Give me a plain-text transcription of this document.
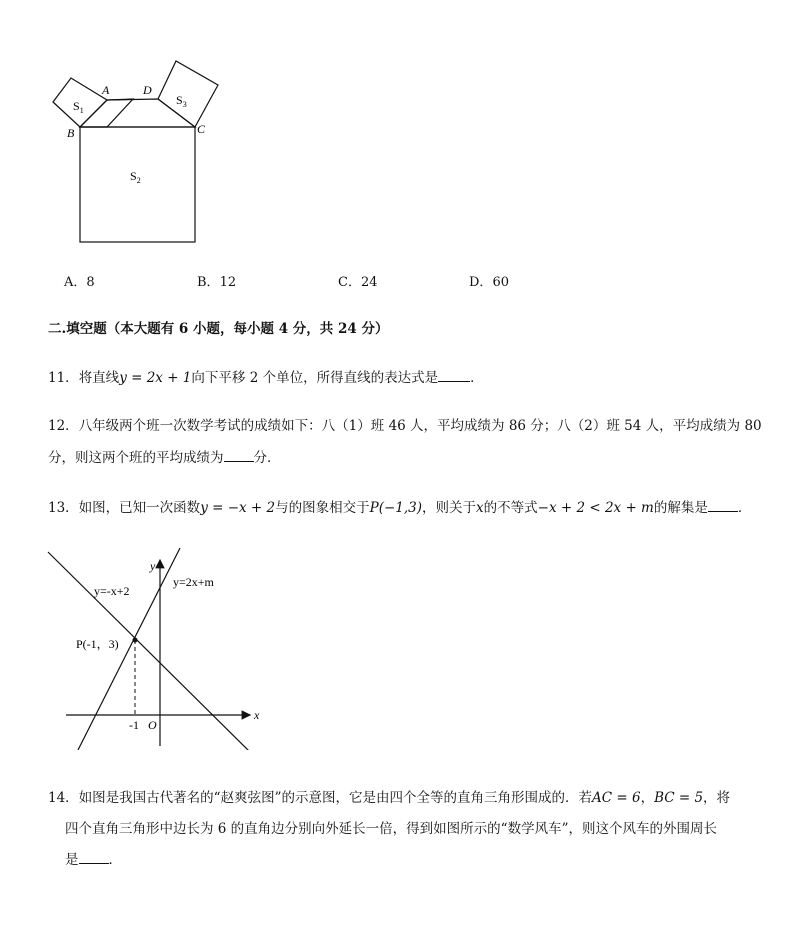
A	D
B	C
$S_1$
$S_3$
$S_2$
A．8	B．12	C．24	D．60
二.填空题（本大题有 6 小题，每小题 4 分，共 24 分）
11．将直线y = 2x + 1向下平移 2 个单位，所得直线的表达式是 ．
12．八年级两个班一次数学考试的成绩如下：八（1）班 46 人，平均成绩为 86 分；八（2）班 54 人，平均成绩为 80
分，则这两个班的平均成绩为 分．
13．如图，已知一次函数y = −x + 2与的图象相交于P(−1,3)，则关于x的不等式−x + 2 < 2x + m的解集是 ．
y
x
y=-x+2
y=2x+m
P(-1，3)
-1 O
14．如图是我国古代著名的“赵爽弦图”的示意图，它是由四个全等的直角三角形围成的．若AC = 6，BC = 5，将
四个直角三角形中边长为 6 的直角边分别向外延长一倍，得到如图所示的“数学风车”，则这个风车的外围周长
是 ．
